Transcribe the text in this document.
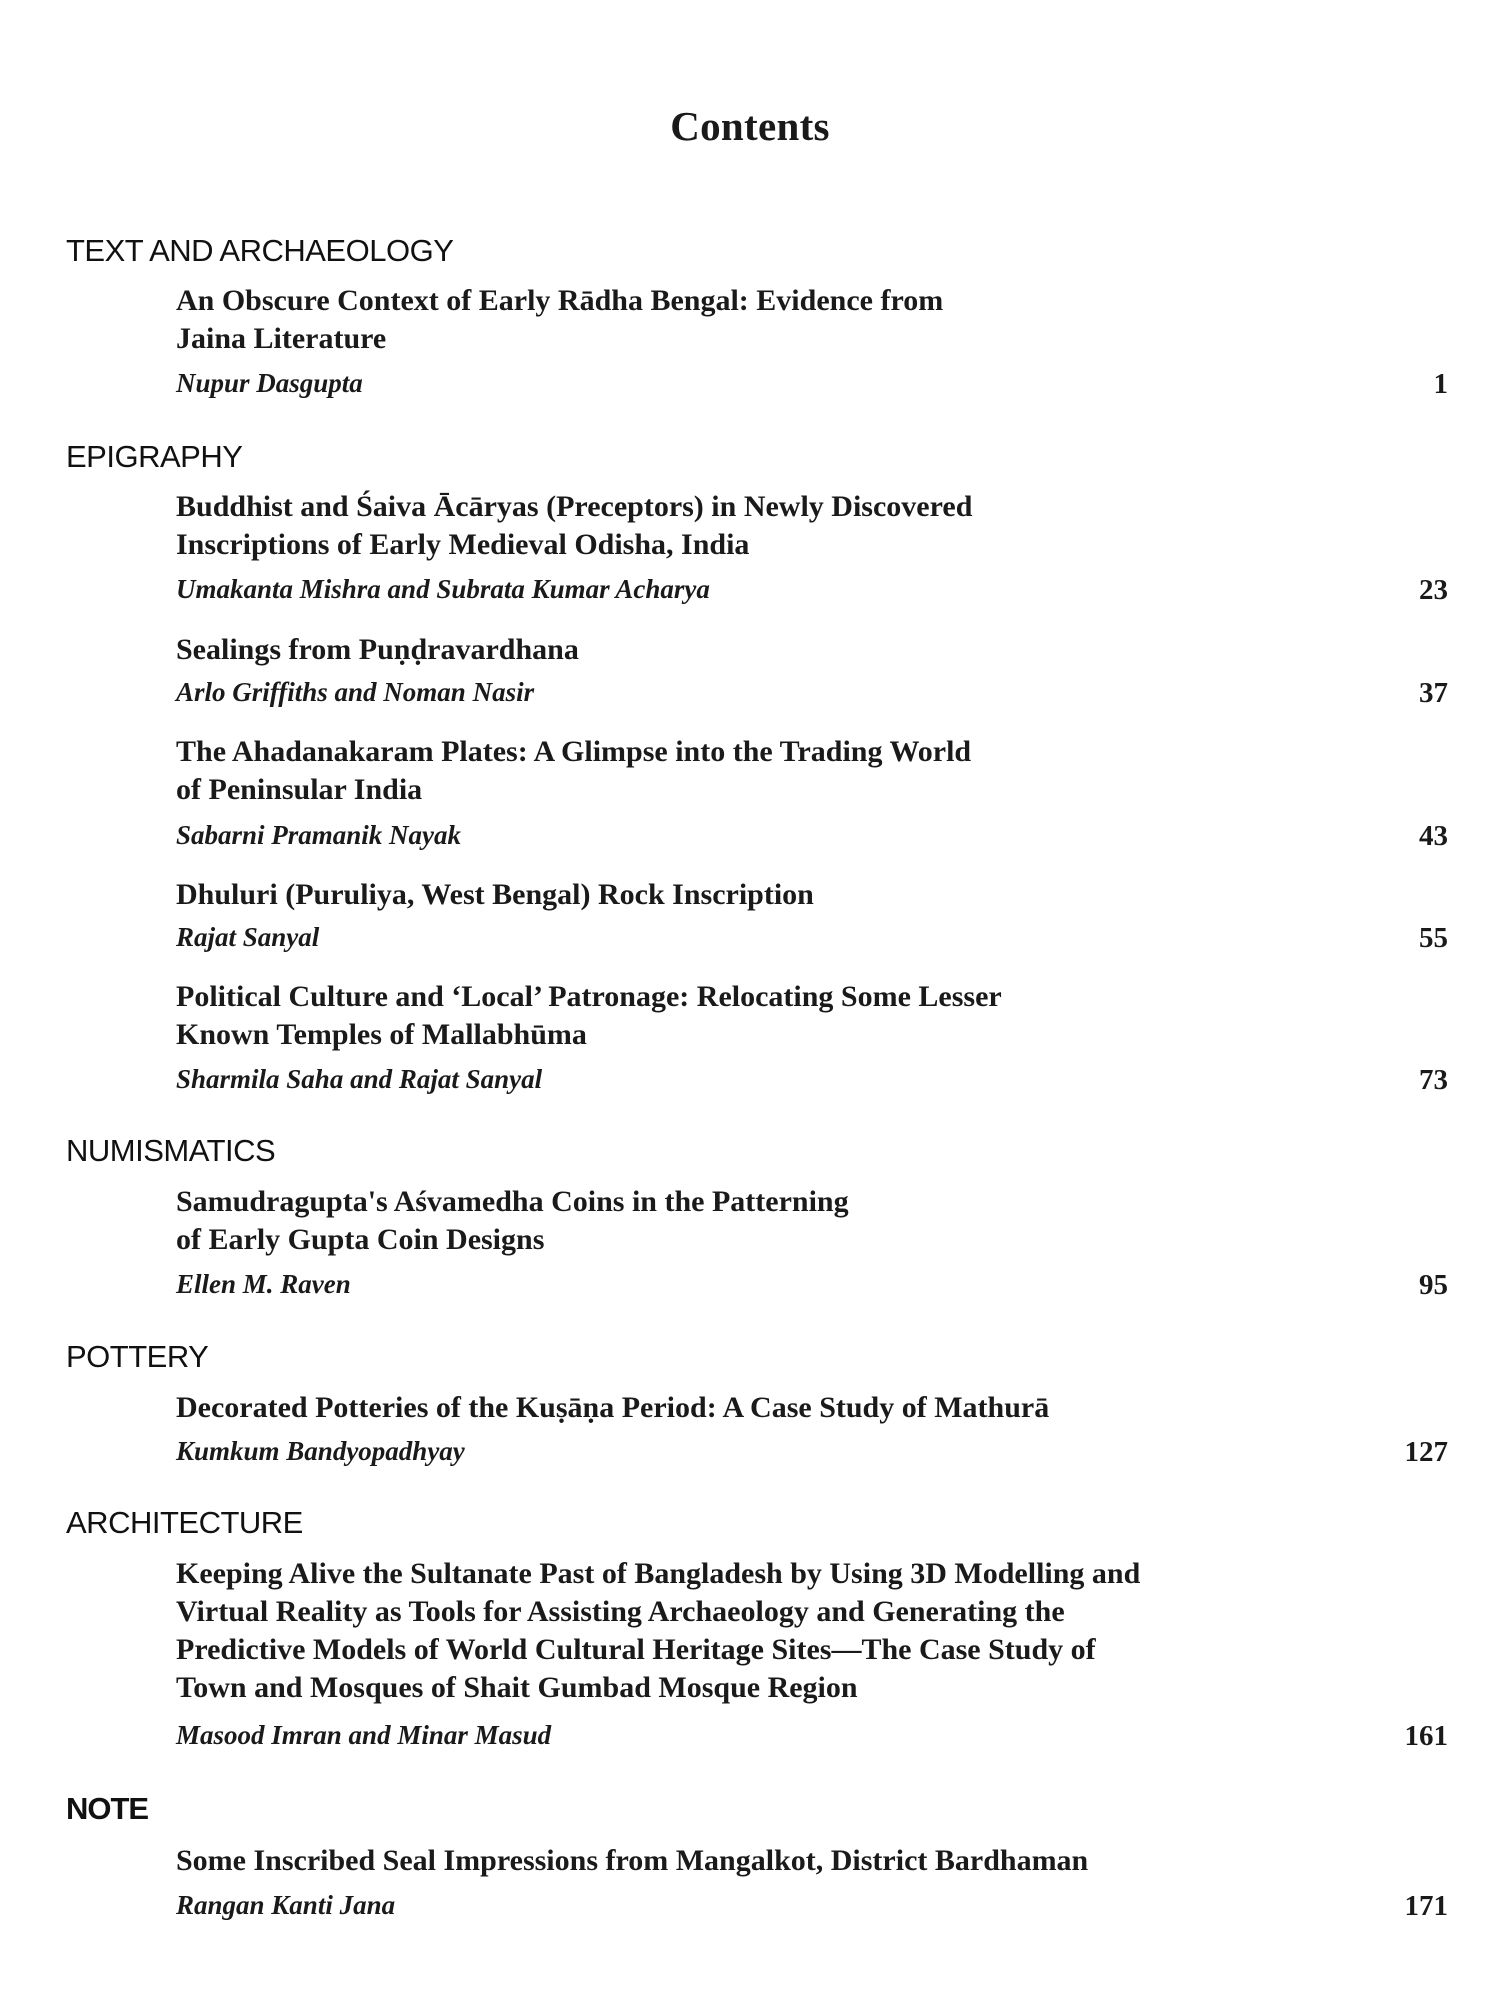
Contents
TEXT AND ARCHAEOLOGY
An Obscure Context of Early Rādha Bengal: Evidence from
Jaina Literature
Nupur Dasgupta	1
EPIGRAPHY
Buddhist and Śaiva Ācāryas (Preceptors) in Newly Discovered
Inscriptions of Early Medieval Odisha, India
Umakanta Mishra and Subrata Kumar Acharya	23
Sealings from Puṇḍravardhana
Arlo Griffiths and Noman Nasir	37
The Ahadanakaram Plates: A Glimpse into the Trading World
of Peninsular India
Sabarni Pramanik Nayak	43
Dhuluri (Puruliya, West Bengal) Rock Inscription
Rajat Sanyal	55
Political Culture and ‘Local’ Patronage: Relocating Some Lesser
Known Temples of Mallabhūma
Sharmila Saha and Rajat Sanyal	73
NUMISMATICS
Samudragupta's Aśvamedha Coins in the Patterning
of Early Gupta Coin Designs
Ellen M. Raven	95
POTTERY
Decorated Potteries of the Kuṣāṇa Period: A Case Study of Mathurā
Kumkum Bandyopadhyay	127
ARCHITECTURE
Keeping Alive the Sultanate Past of Bangladesh by Using 3D Modelling and
Virtual Reality as Tools for Assisting Archaeology and Generating the
Predictive Models of World Cultural Heritage Sites—The Case Study of
Town and Mosques of Shait Gumbad Mosque Region
Masood Imran and Minar Masud	161
NOTE
Some Inscribed Seal Impressions from Mangalkot, District Bardhaman
Rangan Kanti Jana	171
